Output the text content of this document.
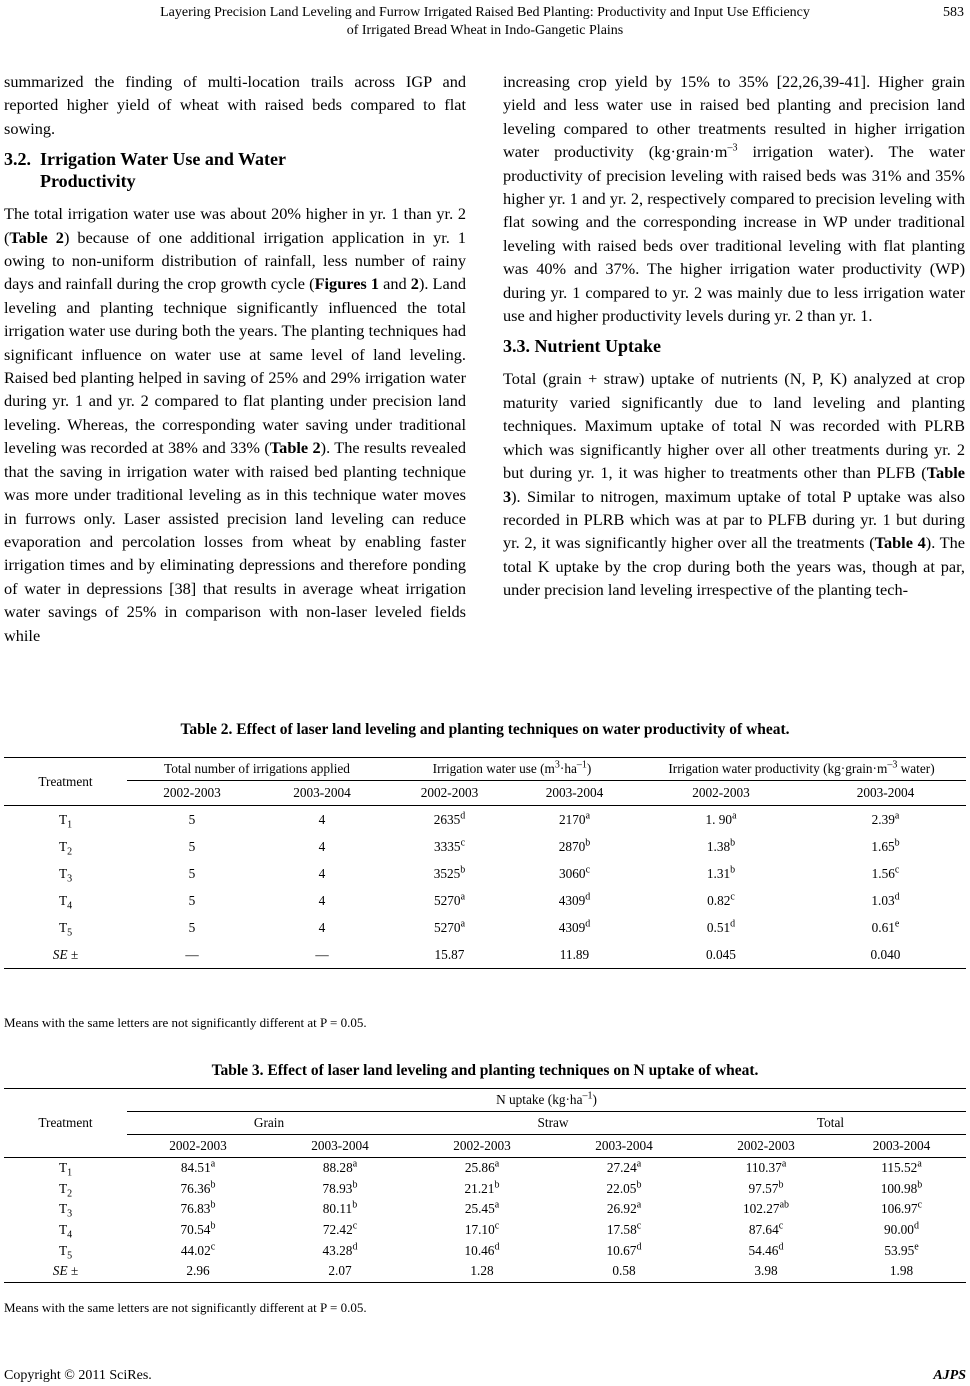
Layering Precision Land Leveling and Furrow Irrigated Raised Bed Planting: Productivity and Input Use Efficiency
of Irrigated Bread Wheat in Indo-Gangetic Plains
583

summarized the finding of multi-location trails across IGP and reported higher yield of wheat with raised beds compared to flat sowing.

3.2. Irrigation Water Use and Water
Productivity

The total irrigation water use was about 20% higher in yr. 1 than yr. 2 (Table 2) because of one additional irrigation application in yr. 1 owing to non-uniform distribution of rainfall, less number of rainy days and rainfall during the crop growth cycle (Figures 1 and 2). Land leveling and planting technique significantly influenced the total irrigation water use during both the years. The planting techniques had significant influence on water use at same level of land leveling. Raised bed planting helped in saving of 25% and 29% irrigation water during yr. 1 and yr. 2 compared to flat planting under precision land leveling. Whereas, the corresponding water saving under traditional leveling was recorded at 38% and 33% (Table 2). The results revealed that the saving in irrigation water with raised bed planting technique was more under traditional leveling as in this technique water moves in furrows only. Laser assisted precision land leveling can reduce evaporation and percolation losses from wheat by enabling faster irrigation times and by eliminating depressions and therefore ponding of water in depressions [38] that results in average wheat irrigation water savings of 25% in comparison with non-laser leveled fields while

increasing crop yield by 15% to 35% [22,26,39-41]. Higher grain yield and less water use in raised bed planting and precision land leveling compared to other treatments resulted in higher irrigation water productivity ($kg\cdot grain\cdot m^{-3}$ irrigation water). The water productivity of precision leveling with raised beds was 31% and 35% higher yr. 1 and yr. 2, respectively compared to precision leveling with flat sowing and the corresponding increase in WP under traditional leveling with raised beds over traditional leveling with flat planting was 40% and 37%. The higher irrigation water productivity (WP) during yr. 1 compared to yr. 2 was mainly due to less irrigation water use and higher productivity levels during yr. 2 than yr. 1.

3.3. Nutrient Uptake

Total (grain + straw) uptake of nutrients (N, P, K) analyzed at crop maturity varied significantly due to land leveling and planting techniques. Maximum uptake of total N was recorded with PLRB which was significantly higher over all other treatments during yr. 2 but during yr. 1, it was higher to treatments other than PLFB (Table 3). Similar to nitrogen, maximum uptake of total P uptake was also recorded in PLRB which was at par to PLFB during yr. 1 but during yr. 2, it was significantly higher over all the treatments (Table 4). The total K uptake by the crop during both the years was, though at par, under precision land leveling irrespective of the planting tech-

Table 2. Effect of laser land leveling and planting techniques on water productivity of wheat.
Treatment	Total number of irrigations applied		Irrigation water use $(m^3\cdot ha^{-1})$		Irrigation water productivity ($kg\cdot grain\cdot m^{-3}$ water)	
	2002-2003	2003-2004	2002-2003	2003-2004	2002-2003	2003-2004
$T_1$	5	4	2635$^d$	2170$^a$	1. 90$^a$	2.39$^a$
$T_2$	5	4	3335$^c$	2870$^b$	1.38$^b$	1.65$^b$
$T_3$	5	4	3525$^b$	3060$^c$	1.31$^b$	1.56$^c$
$T_4$	5	4	5270$^a$	4309$^d$	0.82$^c$	1.03$^d$
$T_5$	5	4	5270$^a$	4309$^d$	0.51$^d$	0.61e
SE ±	—	—	15.87	11.89	0.045	0.040
Means with the same letters are not significantly different at P = 0.05.
Table 3. Effect of laser land leveling and planting techniques on N uptake of wheat.
Treatment	N uptake $(kg\cdot ha^{-1})$					
	Grain		Straw		Total	
	2002-2003	2003-2004	2002-2003	2003-2004	2002-2003	2003-2004
$T_1$	84.51$^a$	88.28$^a$	25.86$^a$	27.24$^a$	110.37$^a$	115.52$^a$
$T_2$	76.36$^b$	78.93$^b$	21.21$^b$	22.05$^b$	97.57$^b$	100.98$^b$
$T_3$	76.83$^b$	80.11$^b$	25.45$^a$	26.92$^a$	102.27$^{ab}$	106.97$^c$
$T_4$	70.54$^b$	72.42$^c$	17.10$^c$	17.58$^c$	87.64$^c$	90.00$^d$
$T_5$	44.02$^c$	43.28$^d$	10.46$^d$	10.67$^d$	54.46$^d$	53.95e
SE ±	2.96	2.07	1.28	0.58	3.98	1.98
Means with the same letters are not significantly different at P = 0.05.
Copyright © 2011 SciRes.	AJPS
